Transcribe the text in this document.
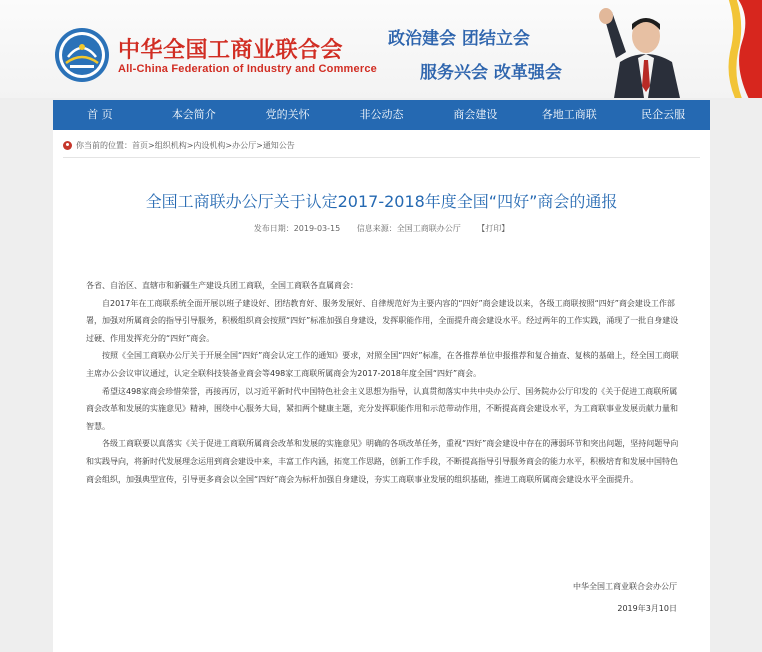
中华全国工商业联合会
All-China Federation of Industry and Commerce
政治建会 团结立会
服务兴会 改革强会
首 页	本会简介	党的关怀	非公动态	商会建设	各地工商联	民企云服
你当前的位置： 首页 > 组织机构 > 内设机构 > 办公厅 > 通知公告
全国工商联办公厅关于认定2017-2018年度全国“四好”商会的通报
发布日期：2019-03-15 信息来源：全国工商联办公厅 【打印】

各省、自治区、直辖市和新疆生产建设兵团工商联，全国工商联各直属商会：

自2017年在工商联系统全面开展以班子建设好、团结教育好、服务发展好、自律规范好为主要内容的“四好”商会建设以来，各级工商联按照“四好”商会建设工作部署，加强对所属商会的指导引导服务，积极组织商会按照“四好”标准加强自身建设，发挥职能作用，全面提升商会建设水平。经过两年的工作实践，涌现了一批自身建设过硬、作用发挥充分的“四好”商会。

按照《全国工商联办公厅关于开展全国“四好”商会认定工作的通知》要求，对照全国“四好”标准，在各推荐单位申报推荐和复合抽查、复核的基础上，经全国工商联主席办公会议审议通过，认定全联科技装备业商会等498家工商联所属商会为2017-2018年度全国“四好”商会。

希望这498家商会珍惜荣誉，再接再厉，以习近平新时代中国特色社会主义思想为指导，认真贯彻落实中共中央办公厅、国务院办公厅印发的《关于促进工商联所属商会改革和发展的实施意见》精神，围绕中心服务大局，紧扣两个健康主题，充分发挥职能作用和示范带动作用，不断提高商会建设水平，为工商联事业发展贡献力量和智慧。

各级工商联要以真落实《关于促进工商联所属商会改革和发展的实施意见》明确的各项改革任务，重视“四好”商会建设中存在的薄弱环节和突出问题，坚持问题导向和实践导向，将新时代发展理念运用到商会建设中来，丰富工作内涵，拓宽工作思路，创新工作手段，不断提高指导引导服务商会的能力水平，积极培育和发展中国特色商会组织，加强典型宣传，引导更多商会以全国“四好”商会为标杆加强自身建设，夯实工商联事业发展的组织基础，推进工商联所属商会建设水平全面提升。

中华全国工商业联合会办公厅
2019年3月10日
